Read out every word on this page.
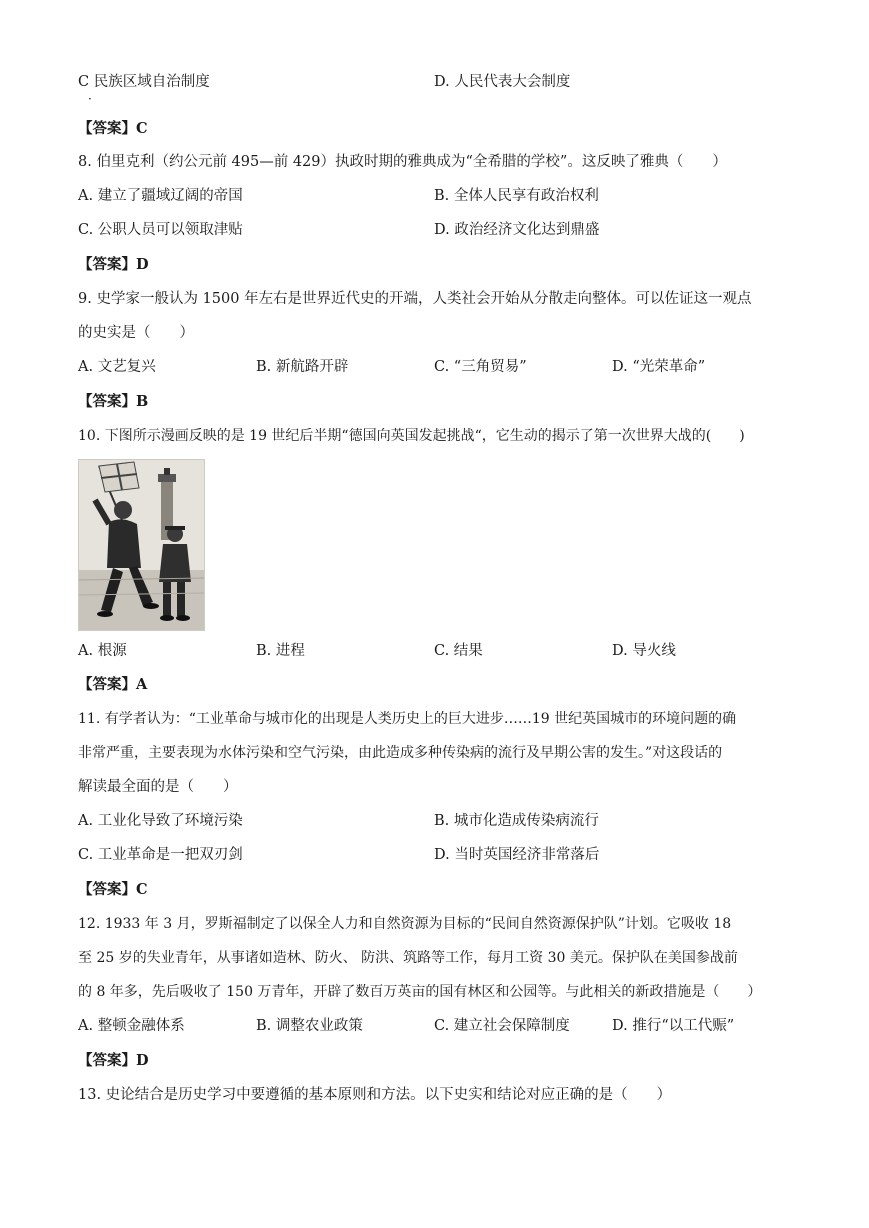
C 民族区域自治制度	D. 人民代表大会制度
·
【答案】C
8. 伯里克利（约公元前 495—前 429）执政时期的雅典成为“全希腊的学校”。这反映了雅典（　　）
A. 建立了疆域辽阔的帝国	B. 全体人民享有政治权利
C. 公职人员可以领取津贴	D. 政治经济文化达到鼎盛
【答案】D
9. 史学家一般认为 1500 年左右是世界近代史的开端，人类社会开始从分散走向整体。可以佐证这一观点
的史实是（　　）
A. 文艺复兴	B. 新航路开辟	C. “三角贸易”	D. “光荣革命”
【答案】B
10. 下图所示漫画反映的是 19 世纪后半期“德国向英国发起挑战“，它生动的揭示了第一次世界大战的(　　)
A. 根源	B. 进程	C. 结果	D. 导火线
【答案】A
11. 有学者认为：“工业革命与城市化的出现是人类历史上的巨大进步……19 世纪英国城市的环境问题的确
非常严重，主要表现为水体污染和空气污染，由此造成多种传染病的流行及早期公害的发生。”对这段话的
解读最全面的是（　　）
A. 工业化导致了环境污染	B. 城市化造成传染病流行
C. 工业革命是一把双刃剑	D. 当时英国经济非常落后
【答案】C
12. 1933 年 3 月，罗斯福制定了以保全人力和自然资源为目标的“民间自然资源保护队”计划。它吸收 18
至 25 岁的失业青年，从事诸如造林、防火、 防洪、筑路等工作，每月工资 30 美元。保护队在美国参战前
的 8 年多，先后吸收了 150 万青年，开辟了数百万英亩的国有林区和公园等。与此相关的新政措施是（　　）
A. 整顿金融体系	B. 调整农业政策	C. 建立社会保障制度	D. 推行“以工代赈”
【答案】D
13. 史论结合是历史学习中要遵循的基本原则和方法。以下史实和结论对应正确的是（　　）
